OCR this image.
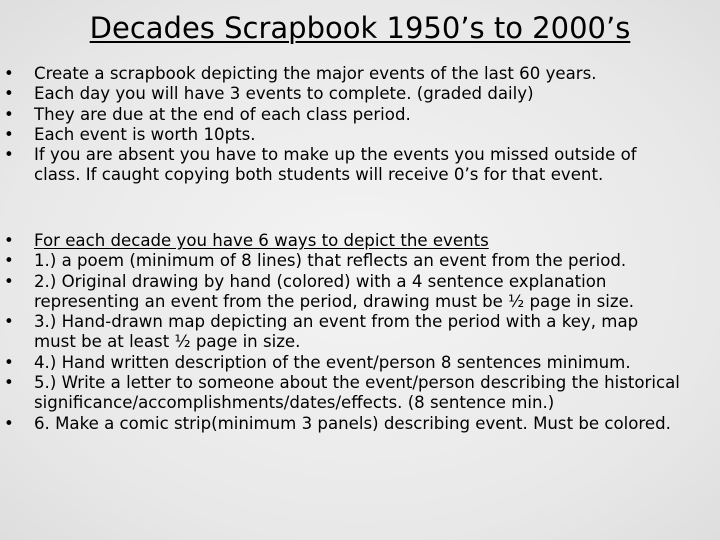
Decades Scrapbook 1950’s to 2000’s
• Create a scrapbook depicting the major events of the last 60 years.
• Each day you will have 3 events to complete. (graded daily)
• They are due at the end of each class period.
• Each event is worth 10pts.
• If you are absent you have to make up the events you missed outside of class. If caught copying both students will receive 0’s for that event.
• For each decade you have 6 ways to depict the events
• 1.) a poem (minimum of 8 lines) that reflects an event from the period.
• 2.) Original drawing by hand (colored) with a 4 sentence explanation representing an event from the period, drawing must be ½ page in size.
• 3.) Hand-drawn map depicting an event from the period with a key, map must be at least ½ page in size.
• 4.) Hand written description of the event/person 8 sentences minimum.
• 5.) Write a letter to someone about the event/person describing the historical significance/accomplishments/dates/effects. (8 sentence min.)
• 6. Make a comic strip(minimum 3 panels) describing event. Must be colored.
